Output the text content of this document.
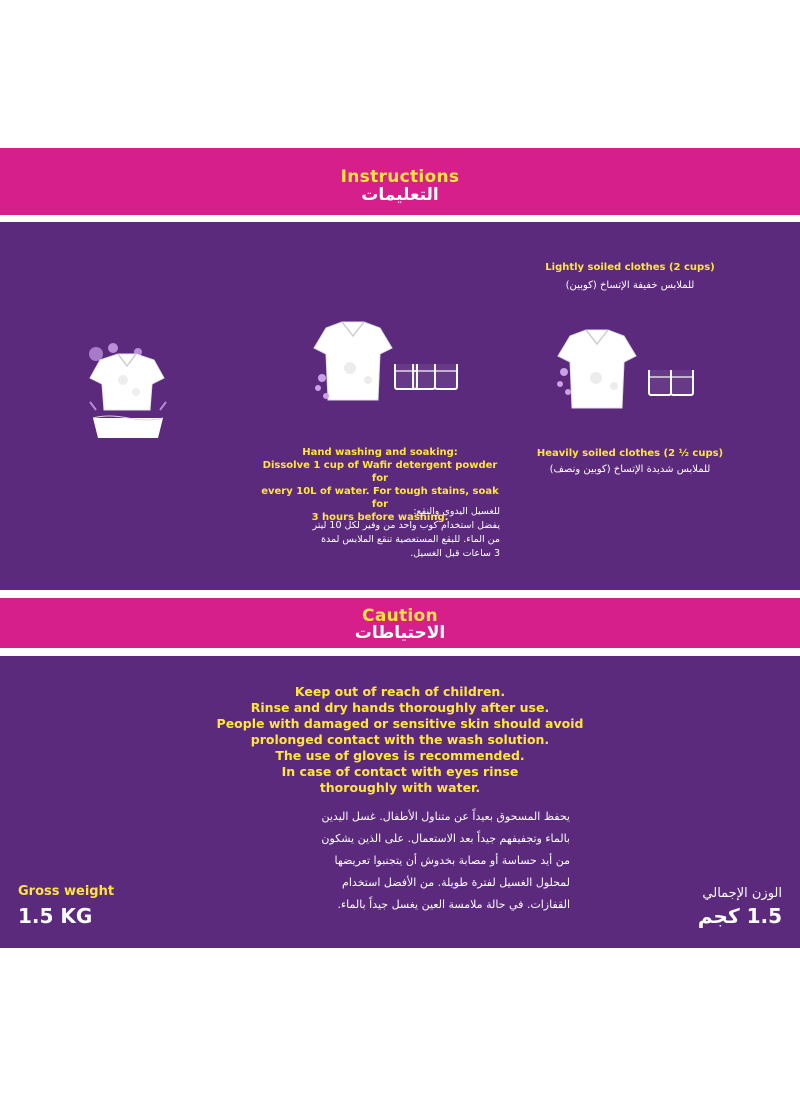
Instructions
التعليمات
Lightly soiled clothes (2 cups)
للملابس خفيفة الإتساخ (كوبين)
Heavily soiled clothes (2 ½ cups)
للملابس شديدة الإتساخ (كوبين ونصف)
Hand washing and soaking:
Dissolve 1 cup of Wafir detergent powder for
every 10L of water. For tough stains, soak for
3 hours before washing.
للغسيل اليدوي والنقع:
يفضل استخدام كوب واحد من وفير لكل 10 ليتر
من الماء. للبقع المستعصية تنقع الملابس لمدة
3 ساعات قبل الغسيل.
Caution
الاحتياطات
Keep out of reach of children.
Rinse and dry hands thoroughly after use.
People with damaged or sensitive skin should avoid
prolonged contact with the wash solution.
The use of gloves is recommended.
In case of contact with eyes rinse
thoroughly with water.
يحفظ المسحوق بعيداً عن متناول الأطفال. غسل اليدين
بالماء وتجفيفهم جيداً بعد الاستعمال. على الذين يشكون
من أيد حساسة أو مصابة بخدوش أن يتجنبوا تعريضها
لمحلول الغسيل لفترة طويلة. من الأفضل استخدام
القفازات. في حالة ملامسة العين يغسل جيداً بالماء.
Gross weight
1.5 KG
الوزن الإجمالي
1.5 كجم
